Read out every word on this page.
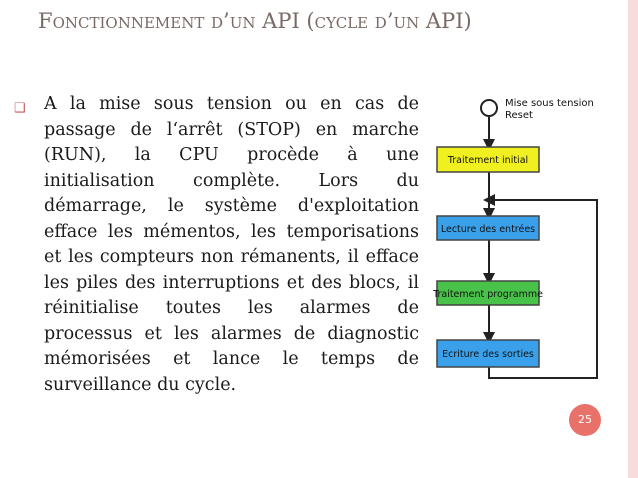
Fonctionnement d’un API (cycle d’un API)
❑ A la mise sous tension ou en cas de passage de l‘arrêt (STOP) en marche (RUN), la CPU procède à une initialisation complète. Lors du démarrage, le système d'exploitation efface les mémentos, les temporisations et les compteurs non rémanents, il efface les piles des interruptions et des blocs, il réinitialise toutes les alarmes de processus et les alarmes de diagnostic mémorisées et lance le temps de surveillance du cycle.
Mise sous tension
Reset
Traitement initial
Lecture des entrées
Traitement programme
Ecriture des sorties
25
